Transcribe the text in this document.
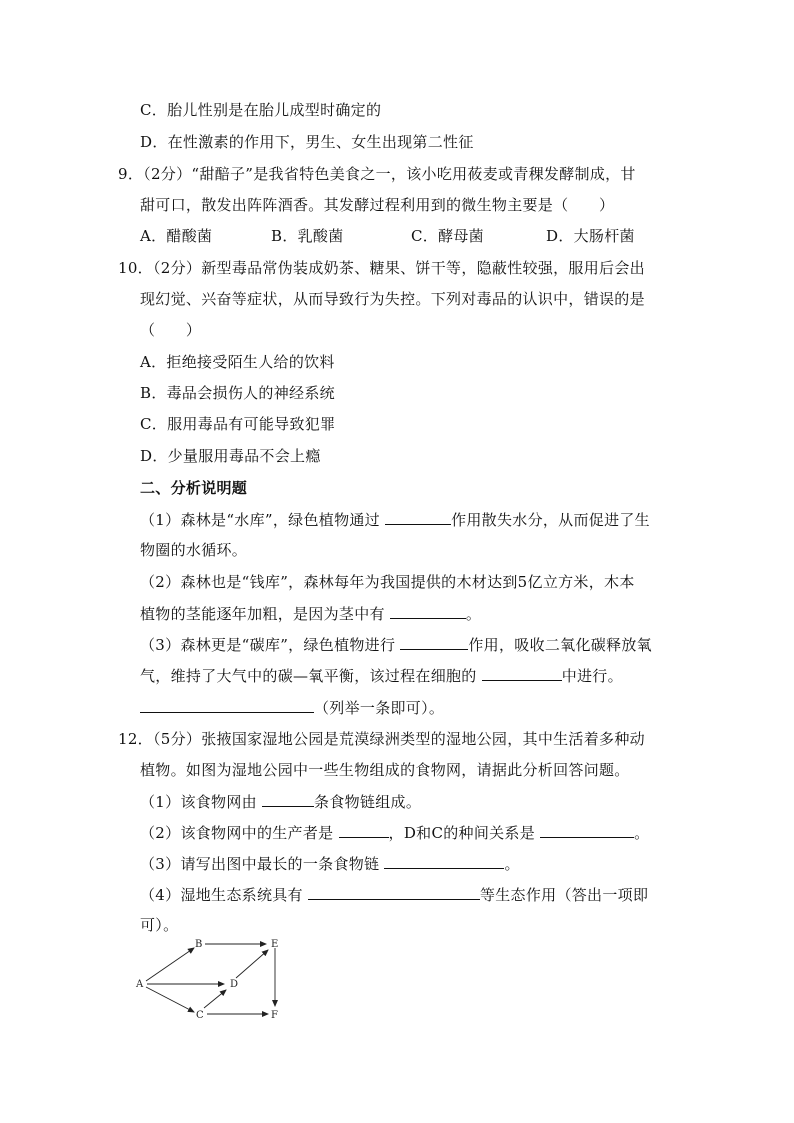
C．胎儿性别是在胎儿成型时确定的
D．在性激素的作用下，男生、女生出现第二性征
9．（2分）“甜醅子”是我省特色美食之一，该小吃用莜麦或青稞发酵制成，甘
甜可口，散发出阵阵酒香。其发酵过程利用到的微生物主要是（　　）
A．醋酸菌	B．乳酸菌	C．酵母菌	D．大肠杆菌
10．（2分）新型毒品常伪装成奶茶、糖果、饼干等，隐蔽性较强，服用后会出
现幻觉、兴奋等症状，从而导致行为失控。下列对毒品的认识中，错误的是
（　　）
A．拒绝接受陌生人给的饮料
B．毒品会损伤人的神经系统
C．服用毒品有可能导致犯罪
D．少量服用毒品不会上瘾
二、分析说明题
（1）森林是“水库”，绿色植物通过	作用散失水分，从而促进了生
物圈的水循环。
（2）森林也是“钱库”，森林每年为我国提供的木材达到5亿立方米，木本
植物的茎能逐年加粗，是因为茎中有	。
（3）森林更是“碳库”，绿色植物进行	作用，吸收二氧化碳释放氧
气，维持了大气中的碳—氧平衡，该过程在细胞的	中进行。
（列举一条即可）。
12．（5分）张掖国家湿地公园是荒漠绿洲类型的湿地公园，其中生活着多种动
植物。如图为湿地公园中一些生物组成的食物网，请据此分析回答问题。
（1）该食物网由	条食物链组成。
（2）该食物网中的生产者是	，D和C的种间关系是	。
（3）请写出图中最长的一条食物链	。
（4）湿地生态系统具有	等生态作用（答出一项即
可）。
A
B
C
D
E
F
